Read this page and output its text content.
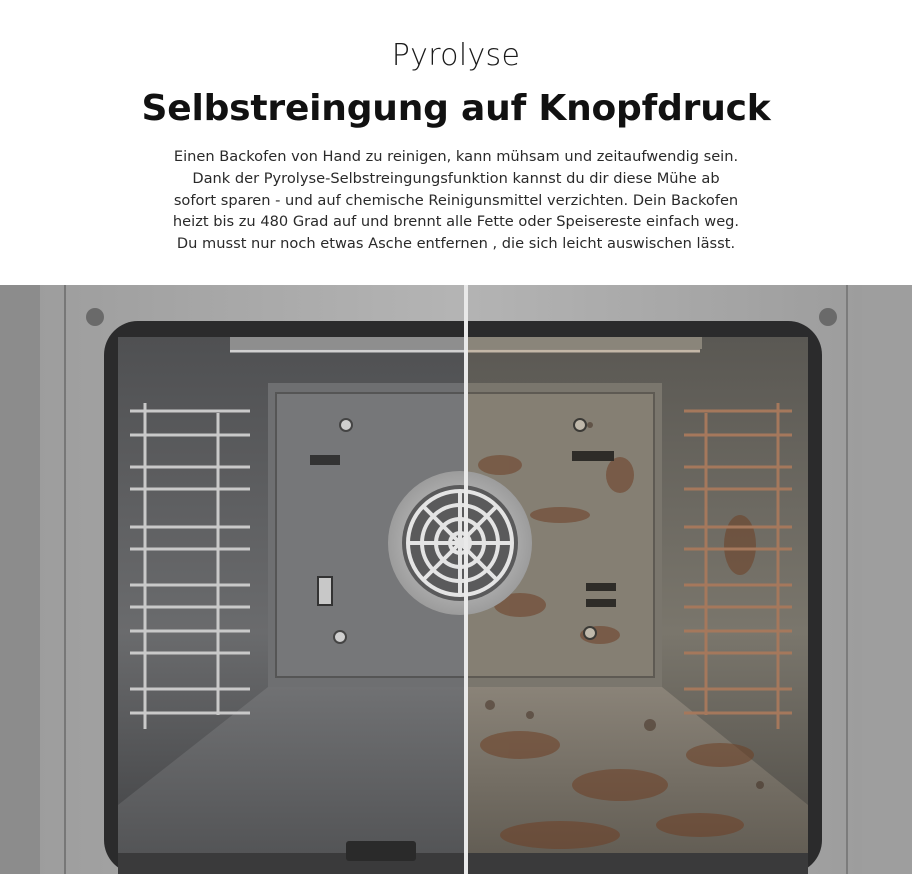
Pyrolyse
Selbstreingung auf Knopfdruck
Einen Backofen von Hand zu reinigen, kann mühsam und zeitaufwendig sein.
Dank der Pyrolyse-Selbstreingungsfunktion kannst du dir diese Mühe ab
sofort sparen - und auf chemische Reinigunsmittel verzichten. Dein Backofen
heizt bis zu 480 Grad auf und brennt alle Fette oder Speisereste einfach weg.
Du musst nur noch etwas Asche entfernen , die sich leicht auswischen lässt.
